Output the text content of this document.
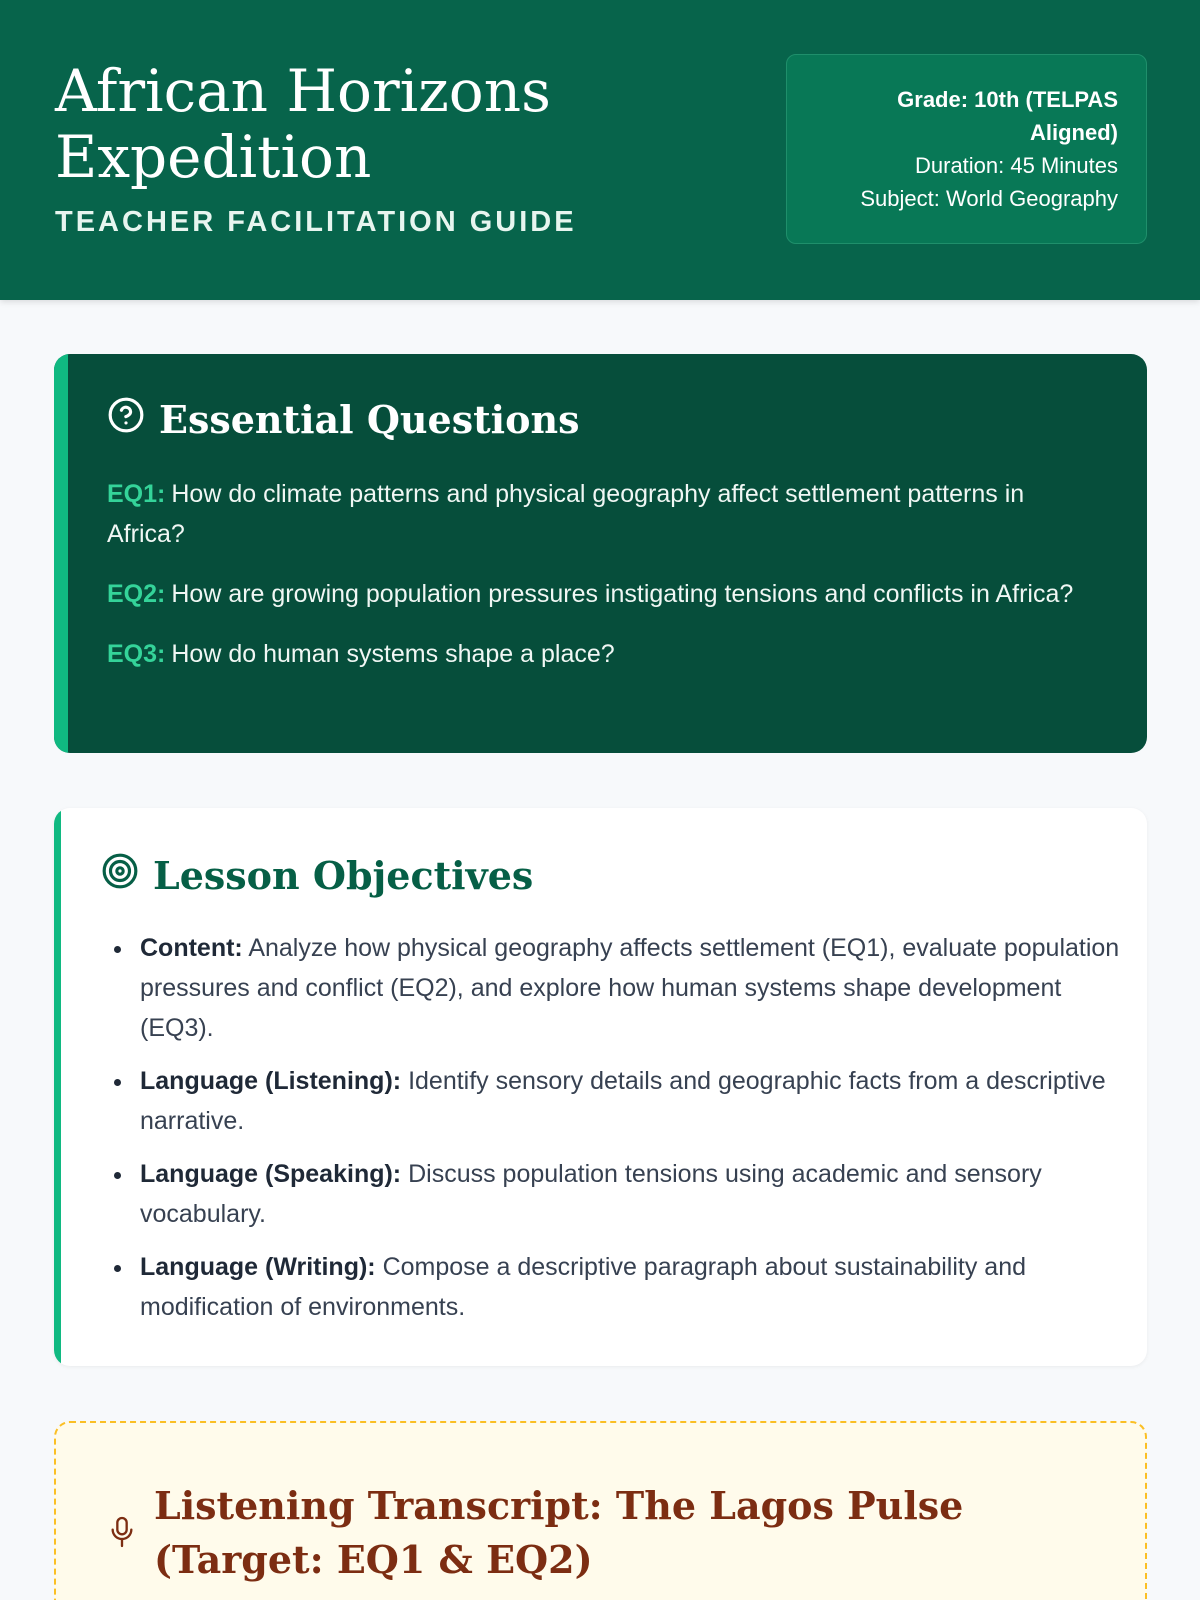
African Horizons Expedition
TEACHER FACILITATION GUIDE
Grade: 10th (TELPAS Aligned)
Duration: 45 Minutes
Subject: World Geography
Essential Questions

EQ1: How do climate patterns and physical geography affect settlement patterns in Africa?

EQ2: How are growing population pressures instigating tensions and conflicts in Africa?

EQ3: How do human systems shape a place?

Lesson Objectives
Content: Analyze how physical geography affects settlement (EQ1), evaluate population pressures and conflict (EQ2), and explore how human systems shape development (EQ3).
Language (Listening): Identify sensory details and geographic facts from a descriptive narrative.
Language (Speaking): Discuss population tensions using academic and sensory vocabulary.
Language (Writing): Compose a descriptive paragraph about sustainability and modification of environments.
Listening Transcript: The Lagos Pulse (Target: EQ1 & EQ2)
